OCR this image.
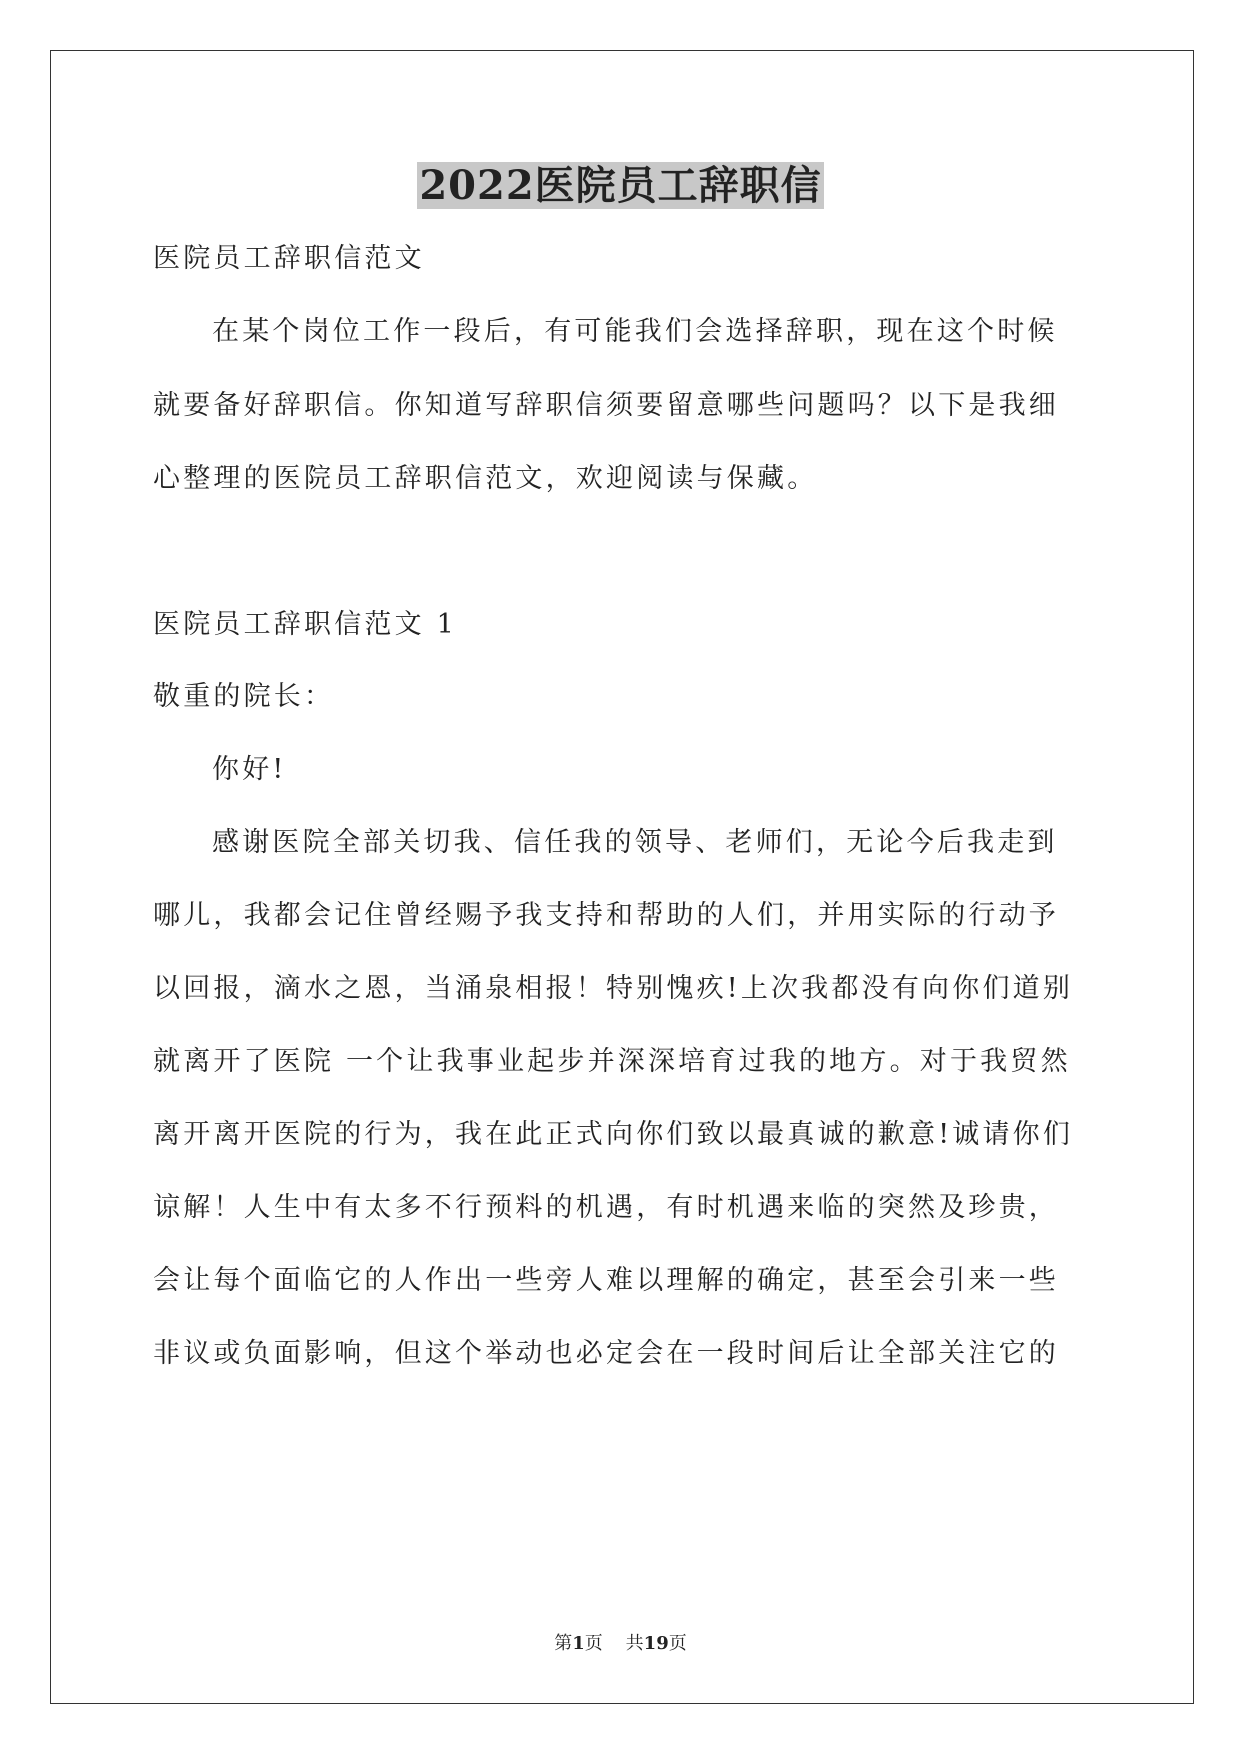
2022医院员工辞职信
医院员工辞职信范文
在某个岗位工作一段后，有可能我们会选择辞职，现在这个时候
就要备好辞职信。你知道写辞职信须要留意哪些问题吗？以下是我细
心整理的医院员工辞职信范文，欢迎阅读与保藏。
医院员工辞职信范文 1
敬重的院长：
你好!
感谢医院全部关切我、信任我的领导、老师们，无论今后我走到
哪儿，我都会记住曾经赐予我支持和帮助的人们，并用实际的行动予
以回报，滴水之恩，当涌泉相报！特别愧疚!上次我都没有向你们道别
就离开了医院 一个让我事业起步并深深培育过我的地方。对于我贸然
离开离开医院的行为，我在此正式向你们致以最真诚的歉意!诚请你们
谅解！人生中有太多不行预料的机遇，有时机遇来临的突然及珍贵，
会让每个面临它的人作出一些旁人难以理解的确定，甚至会引来一些
非议或负面影响，但这个举动也必定会在一段时间后让全部关注它的
第1页 共19页
